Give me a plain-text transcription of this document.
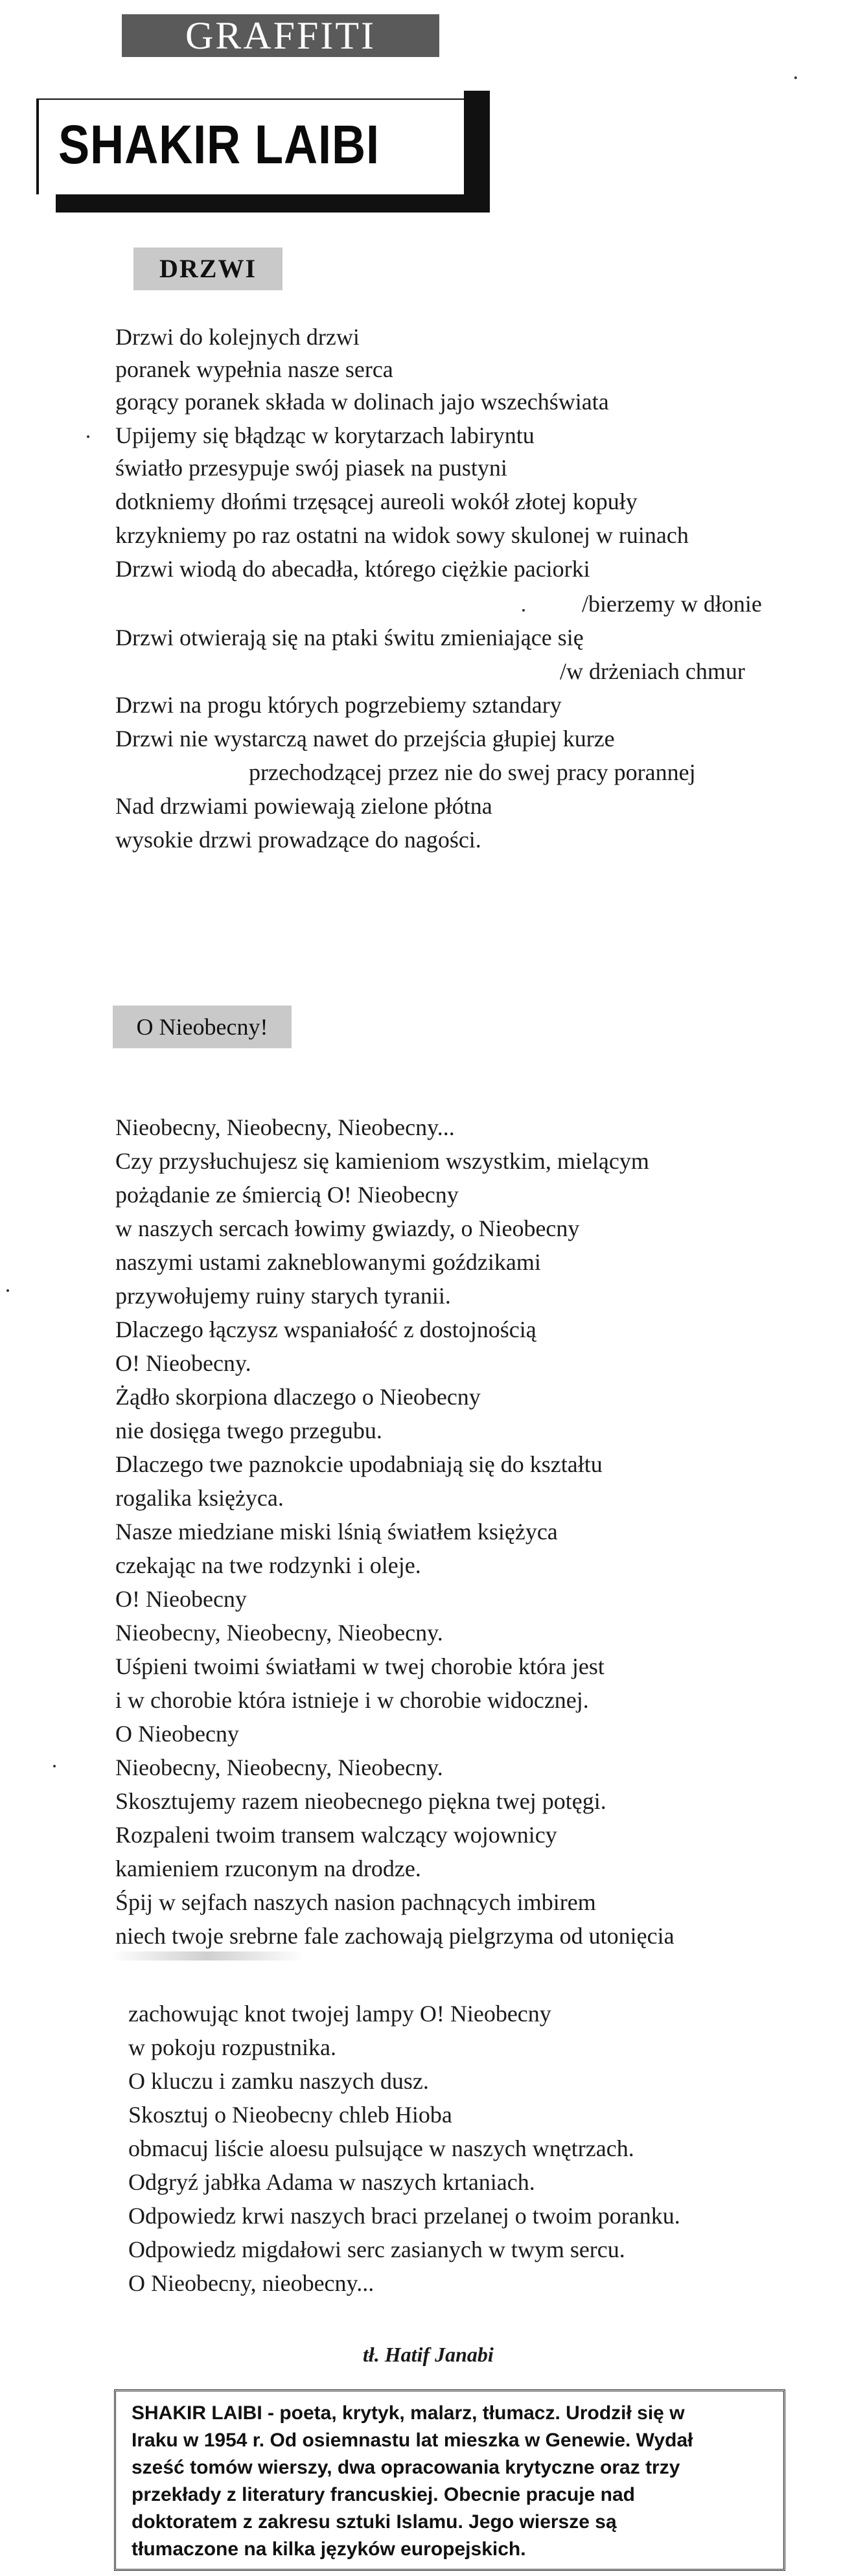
GRAFFITI
SHAKIR LAIBI
DRZWI
Drzwi do kolejnych drzwi
poranek wypełnia nasze serca
gorący poranek składa w dolinach jajo wszechświata
Upijemy się błądząc w korytarzach labiryntu
światło przesypuje swój piasek na pustyni
dotkniemy dłońmi trzęsącej aureoli wokół złotej kopuły
krzykniemy po raz ostatni na widok sowy skulonej w ruinach
Drzwi wiodą do abecadła, którego ciężkie paciorki
/bierzemy w dłonie
Drzwi otwierają się na ptaki świtu zmieniające się
/w drżeniach chmur
Drzwi na progu których pogrzebiemy sztandary
Drzwi nie wystarczą nawet do przejścia głupiej kurze
przechodzącej przez nie do swej pracy porannej
Nad drzwiami powiewają zielone płótna
wysokie drzwi prowadzące do nagości.
O Nieobecny!
Nieobecny, Nieobecny, Nieobecny...
Czy przysłuchujesz się kamieniom wszystkim, mielącym
pożądanie ze śmiercią O! Nieobecny
w naszych sercach łowimy gwiazdy, o Nieobecny
naszymi ustami zakneblowanymi goździkami
przywołujemy ruiny starych tyranii.
Dlaczego łączysz wspaniałość z dostojnością
O! Nieobecny.
Żądło skorpiona dlaczego o Nieobecny
nie dosięga twego przegubu.
Dlaczego twe paznokcie upodabniają się do kształtu
rogalika księżyca.
Nasze miedziane miski lśnią światłem księżyca
czekając na twe rodzynki i oleje.
O! Nieobecny
Nieobecny, Nieobecny, Nieobecny.
Uśpieni twoimi światłami w twej chorobie która jest
i w chorobie która istnieje i w chorobie widocznej.
O Nieobecny
Nieobecny, Nieobecny, Nieobecny.
Skosztujemy razem nieobecnego piękna twej potęgi.
Rozpaleni twoim transem walczący wojownicy
kamieniem rzuconym na drodze.
Śpij w sejfach naszych nasion pachnących imbirem
niech twoje srebrne fale zachowają pielgrzyma od utonięcia
zachowując knot twojej lampy O! Nieobecny
w pokoju rozpustnika.
O kluczu i zamku naszych dusz.
Skosztuj o Nieobecny chleb Hioba
obmacuj liście aloesu pulsujące w naszych wnętrzach.
Odgryź jabłka Adama w naszych krtaniach.
Odpowiedz krwi naszych braci przelanej o twoim poranku.
Odpowiedz migdałowi serc zasianych w twym sercu.
O Nieobecny, nieobecny...
tł. Hatif Janabi
SHAKIR LAIBI - poeta, krytyk, malarz, tłumacz. Urodził się w
Iraku w 1954 r. Od osiemnastu lat mieszka w Genewie. Wydał
sześć tomów wierszy, dwa opracowania krytyczne oraz trzy
przekłady z literatury francuskiej. Obecnie pracuje nad
doktoratem z zakresu sztuki Islamu. Jego wiersze są
tłumaczone na kilka języków europejskich.
